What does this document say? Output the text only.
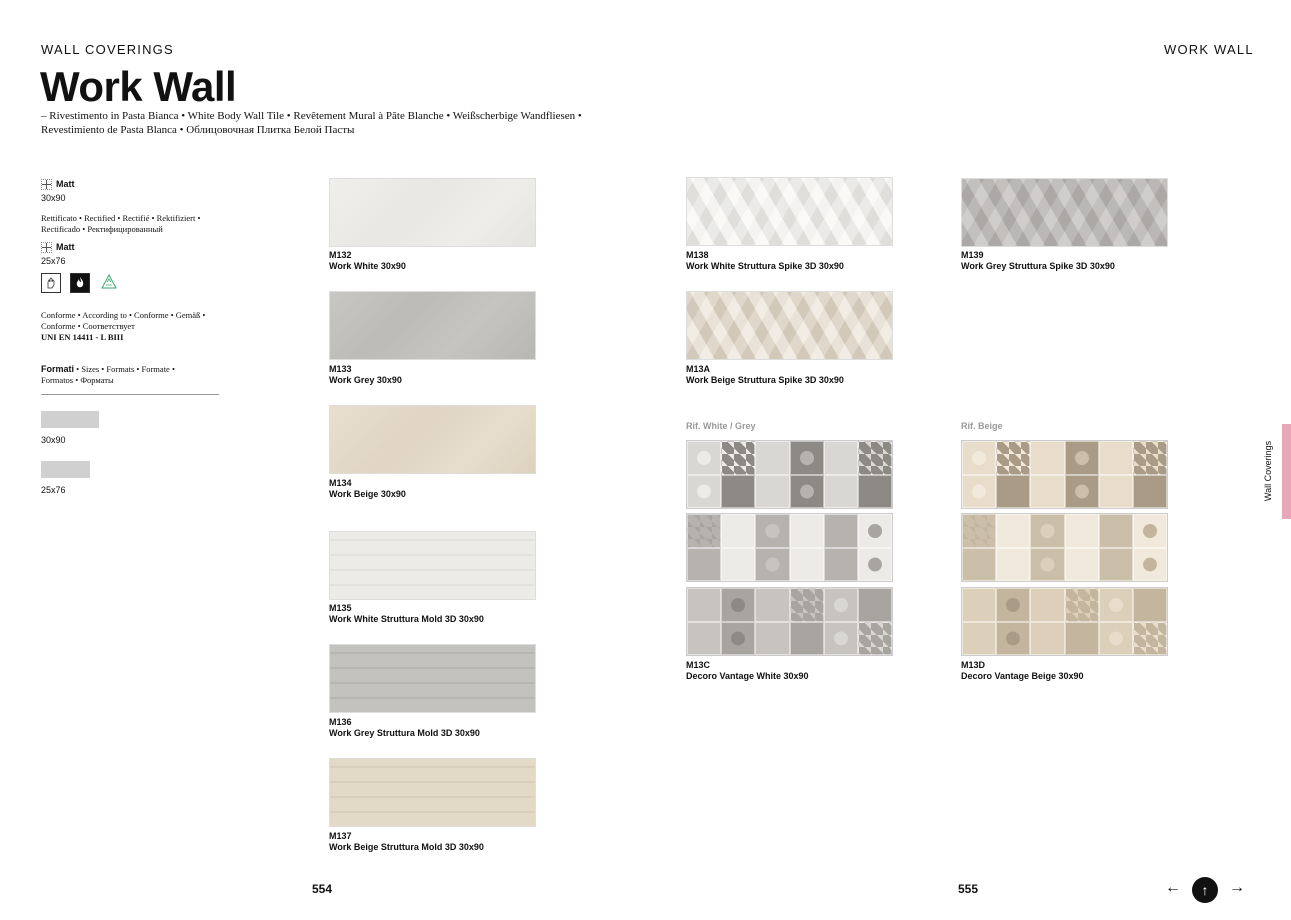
WALL COVERINGS	WORK WALL
Work Wall
– Rivestimento in Pasta Bianca • White Body Wall Tile • Revêtement Mural à Pâte Blanche • Weißscherbige Wandfliesen •
Revestimiento de Pasta Blanca • Облицовочная Плитка Белой Пасты
Matt
30x90
Rettificato • Rectified • Rectifié • Rektifiziert •
Rectificado • Ректифицированный
Matt
25x76
Conforme • According to • Conforme • Gemäß •
Conforme • Соответствует
UNI EN 14411 - L BIII
Formati • Sizes • Formats • Formate •
Formatos • Форматы
30x90
25x76
M132
Work White 30x90
M133
Work Grey 30x90
M134
Work Beige 30x90
M135
Work White Struttura Mold 3D 30x90
M136
Work Grey Strutturа Mold 3D 30x90
M137
Work Beige Struttura Mold 3D 30x90
M138
Work White Struttura Spike 3D 30x90
M13A
Work Beige Struttura Spike 3D 30x90
M139
Work Grey Struttura Spike 3D 30x90
Rif. White / Grey
M13C
Decoro Vantage White 30x90
Rif. Beige
M13D
Decoro Vantage Beige 30x90
Wall Coverings
554	555	← ↑ →
